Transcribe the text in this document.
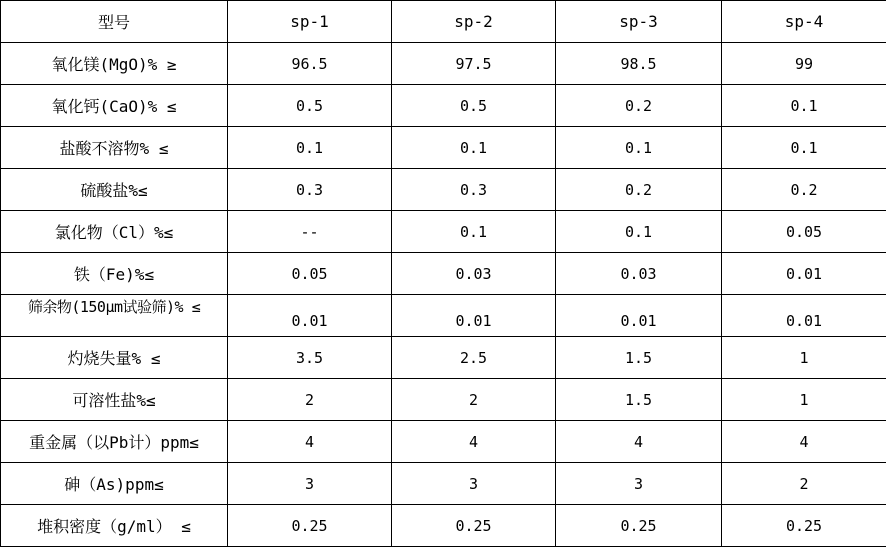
型号	sp-1	sp-2	sp-3	sp-4
氧化镁(MgO)% ≥	96.5	97.5	98.5	99
氧化钙(CaO)% ≤	0.5	0.5	0.2	0.1
盐酸不溶物% ≤	0.1	0.1	0.1	0.1
硫酸盐%≤	0.3	0.3	0.2	0.2
氯化物（Cl）%≤	--	0.1	0.1	0.05
铁（Fe)%≤	0.05	0.03	0.03	0.01
筛余物(150μm试验筛)% ≤	0.01	0.01	0.01	0.01
灼烧失量% ≤	3.5	2.5	1.5	1
可溶性盐%≤	2	2	1.5	1
重金属（以Pb计）ppm≤	4	4	4	4
砷（As)ppm≤	3	3	3	2
堆积密度（g/ml） ≤	0.25	0.25	0.25	0.25
